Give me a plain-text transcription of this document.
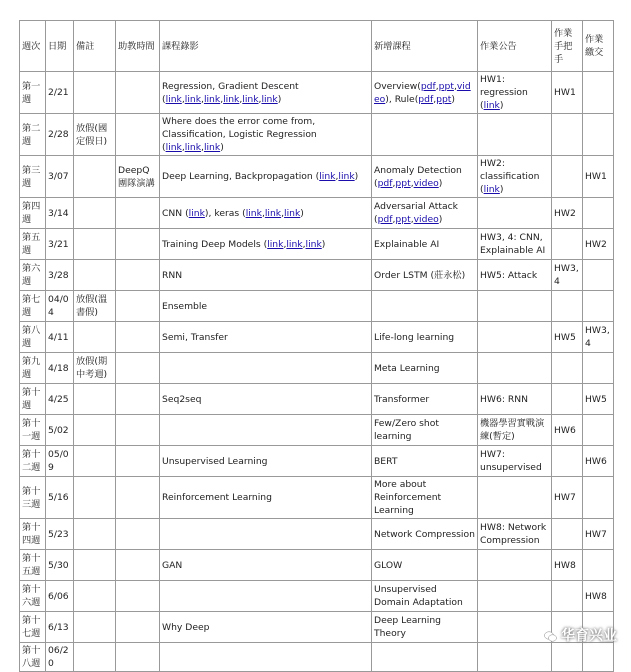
週次	日期	備註	助教時間	課程錄影	新增課程	作業公告	作業手把手	作業繳交
第一週	2/21			Regression, Gradient Descent (link,link,link,link,link,link)	Overview(pdf,ppt,video), Rule(pdf,ppt)	HW1: regression (link)	HW1	
第二週	2/28	放假(國定假日)		Where does the error come from, Classification, Logistic Regression (link,link,link)				
第三週	3/07		DeepQ團隊演講	Deep Learning, Backpropagation (link,link)	Anomaly Detection (pdf,ppt,video)	HW2: classification (link)		HW1
第四週	3/14			CNN (link), keras (link,link,link)	Adversarial Attack (pdf,ppt,video)		HW2	
第五週	3/21			Training Deep Models (link,link,link)	Explainable AI	HW3, 4: CNN, Explainable AI		HW2
第六週	3/28			RNN	Order LSTM (莊永松)	HW5: Attack	HW3, 4	
第七週	04/04	放假(溫書假)		Ensemble				
第八週	4/11			Semi, Transfer	Life-long learning		HW5	HW3, 4
第九週	4/18	放假(期中考週)			Meta Learning			
第十週	4/25			Seq2seq	Transformer	HW6: RNN		HW5
第十一週	5/02				Few/Zero shot learning	機器學習實戰演練(暫定)	HW6	
第十二週	05/09			Unsupervised Learning	BERT	HW7: unsupervised		HW6
第十三週	5/16			Reinforcement Learning	More about Reinforcement Learning		HW7	
第十四週	5/23				Network Compression	HW8: Network Compression		HW7
第十五週	5/30			GAN	GLOW		HW8	
第十六週	6/06				Unsupervised Domain Adaptation			HW8
第十七週	6/13			Why Deep	Deep Learning Theory			
第十八週	06/20							
华育兴业
